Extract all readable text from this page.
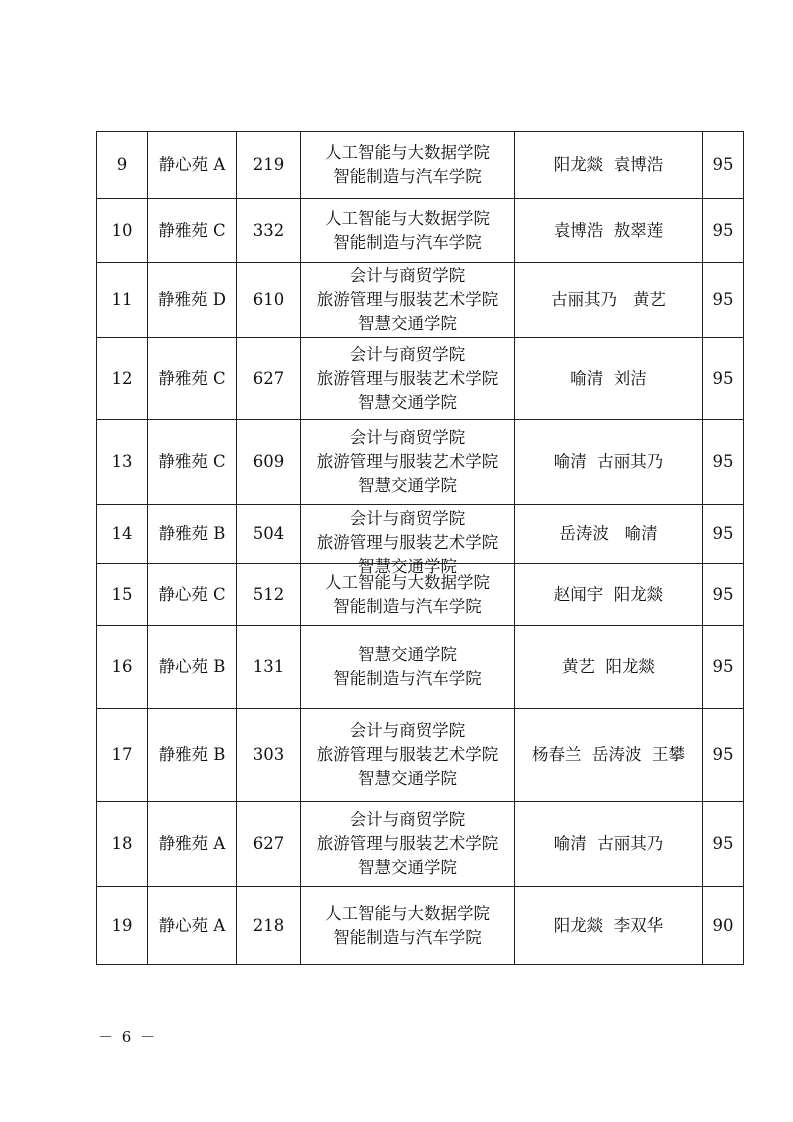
9	静心苑 A	219	人工智能与大数据学院
智能制造与汽车学院	阳龙燚  袁博浩	95
10	静雅苑 C	332	人工智能与大数据学院
智能制造与汽车学院	袁博浩  敖翠莲	95
11	静雅苑 D	610	会计与商贸学院
旅游管理与服装艺术学院
智慧交通学院	古丽其乃   黄艺	95
12	静雅苑 C	627	会计与商贸学院
旅游管理与服装艺术学院
智慧交通学院	喻清  刘洁	95
13	静雅苑 C	609	会计与商贸学院
旅游管理与服装艺术学院
智慧交通学院	喻清  古丽其乃	95
14	静雅苑 B	504	会计与商贸学院
旅游管理与服装艺术学院
智慧交通学院	岳涛波   喻清	95
15	静心苑 C	512	人工智能与大数据学院
智能制造与汽车学院	赵闻宇  阳龙燚	95
16	静心苑 B	131	智慧交通学院
智能制造与汽车学院	黄艺  阳龙燚	95
17	静雅苑 B	303	会计与商贸学院
旅游管理与服装艺术学院
智慧交通学院	杨春兰  岳涛波  王攀	95
18	静雅苑 A	627	会计与商贸学院
旅游管理与服装艺术学院
智慧交通学院	喻清  古丽其乃	95
19	静心苑 A	218	人工智能与大数据学院
智能制造与汽车学院	阳龙燚  李双华	90
－ 6 －
